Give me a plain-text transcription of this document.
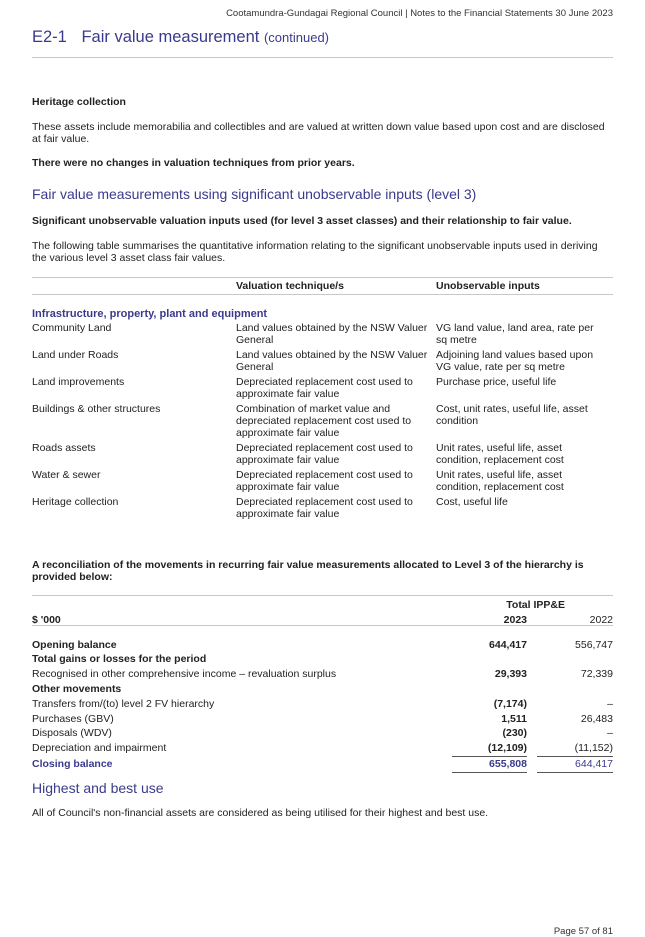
Cootamundra-Gundagai Regional Council | Notes to the Financial Statements 30 June 2023
E2-1 Fair value measurement (continued)
Heritage collection
These assets include memorabilia and collectibles and are valued at written down value based upon cost and are disclosed at fair value.
There were no changes in valuation techniques from prior years.
Fair value measurements using significant unobservable inputs (level 3)
Significant unobservable valuation inputs used (for level 3 asset classes) and their relationship to fair value.
The following table summarises the quantitative information relating to the significant unobservable inputs used in deriving the various level 3 asset class fair values.
	Valuation technique/s	Unobservable inputs
Infrastructure, property, plant and equipment		
Community Land	Land values obtained by the NSW Valuer General	VG land value, land area, rate per sq metre
Land under Roads	Land values obtained by the NSW Valuer General	Adjoining land values based upon VG value, rate per sq metre
Land improvements	Depreciated replacement cost used to approximate fair value	Purchase price, useful life
Buildings & other structures	Combination of market value and depreciated replacement cost used to approximate fair value	Cost, unit rates, useful life, asset condition
Roads assets	Depreciated replacement cost used to approximate fair value	Unit rates, useful life, asset condition, replacement cost
Water & sewer	Depreciated replacement cost used to approximate fair value	Unit rates, useful life, asset condition, replacement cost
Heritage collection	Depreciated replacement cost used to approximate fair value	Cost, useful life
A reconciliation of the movements in recurring fair value measurements allocated to Level 3 of the hierarchy is provided below:
	Total IPP&E		
$ '000	2023		2022

Opening balance	644,417		556,747
Total gains or losses for the period			
Recognised in other comprehensive income – revaluation surplus	29,393		72,339
Other movements			
Transfers from/(to) level 2 FV hierarchy	(7,174)		–
Purchases (GBV)	1,511		26,483
Disposals (WDV)	(230)		–
Depreciation and impairment	(12,109)		(11,152)
Closing balance	655,808		644,417
Highest and best use
All of Council's non-financial assets are considered as being utilised for their highest and best use.
Page 57 of 81
